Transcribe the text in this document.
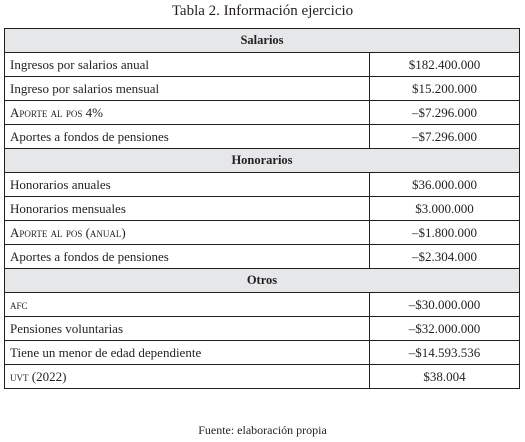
Tabla 2. Información ejercicio
Salarios	
Ingresos por salarios anual	$182.400.000
Ingreso por salarios mensual	$15.200.000
Aporte al pos 4%	–$7.296.000
Aportes a fondos de pensiones	–$7.296.000
Honorarios	
Honorarios anuales	$36.000.000
Honorarios mensuales	$3.000.000
Aporte al pos (anual)	–$1.800.000
Aportes a fondos de pensiones	–$2.304.000
Otros	
afc	–$30.000.000
Pensiones voluntarias	–$32.000.000
Tiene un menor de edad dependiente	–$14.593.536
uvt (2022)	$38.004
Fuente: elaboración propia
